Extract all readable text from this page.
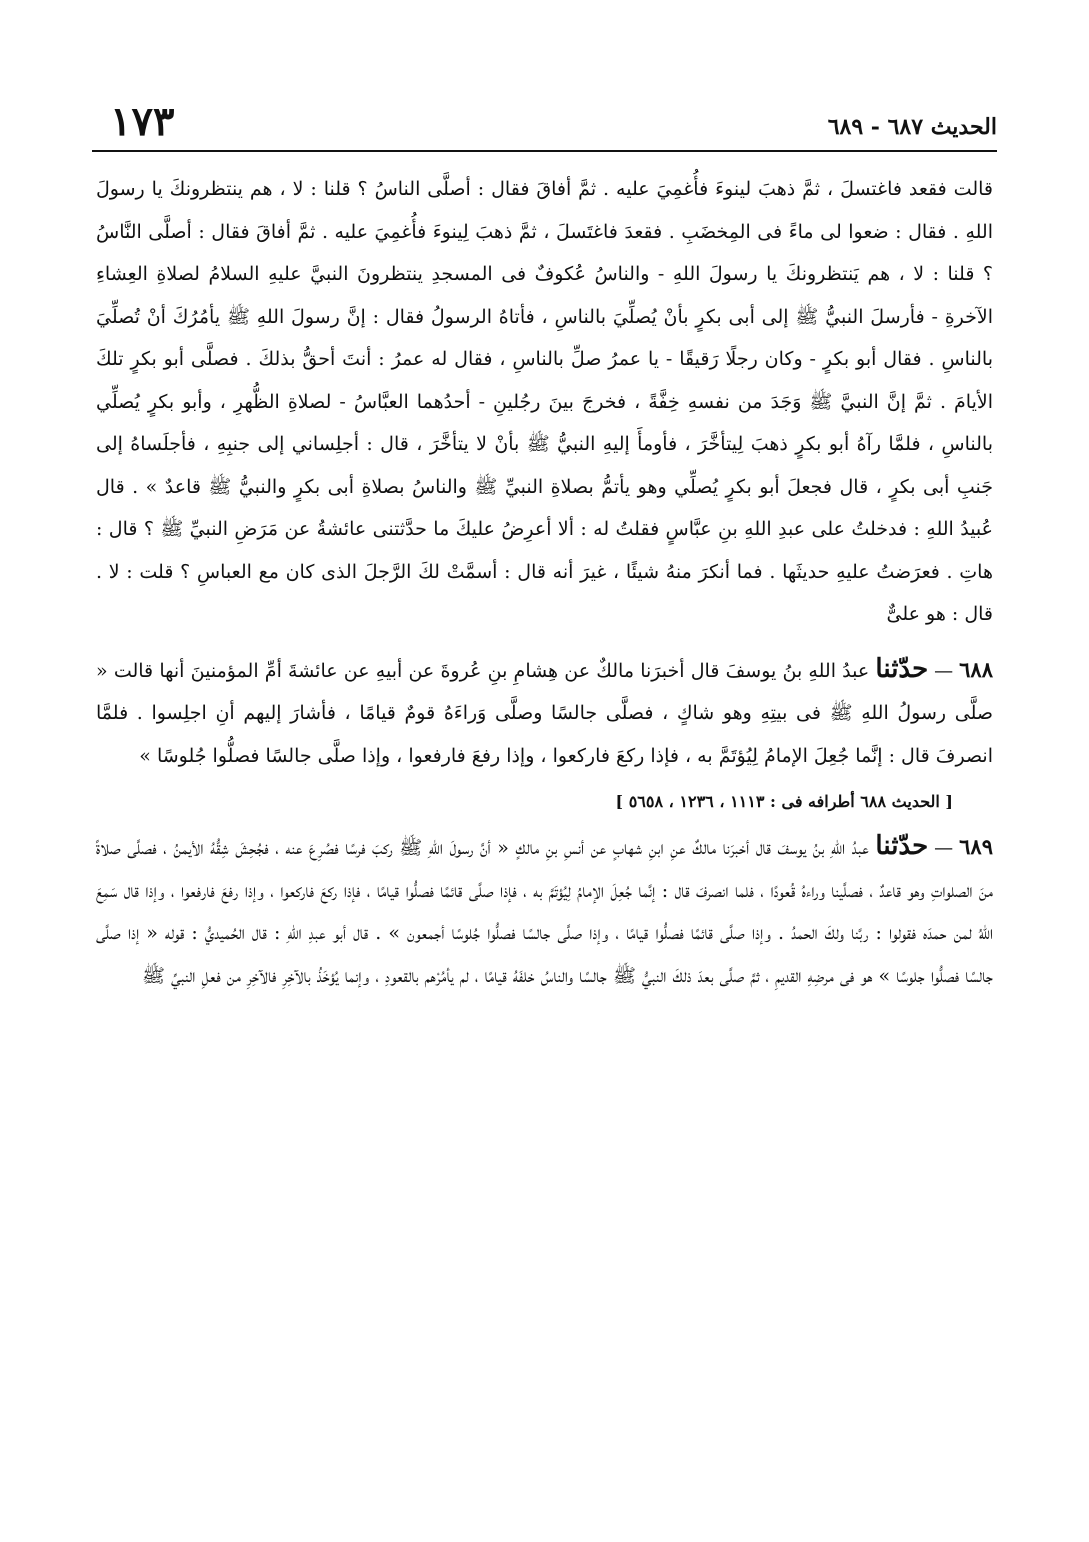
الحديث ٦٨٧ - ٦٨٩
١٧٣

قالت فقعد فاغتسلَ ، ثمَّ ذهبَ لينوءَ فأُغمِيَ عليه . ثمَّ أفاقَ فقال : أصلَّى الناسُ ؟ قلنا : لا ، هم ينتظرونكَ يا رسولَ اللهِ . فقال : ضعوا لى ماءً فى المِخضَبِ . فقعدَ فاغتَسلَ ، ثمَّ ذهبَ لِينوءَ فأُغمِيَ عليه . ثمَّ أفاقَ فقال : أصلَّى النَّاسُ ؟ قلنا : لا ، هم يَنتظرونكَ يا رسولَ اللهِ - والناسُ عُكوفٌ فى المسجدِ ينتظرونَ النبيَّ عليهِ السلامُ لصلاةِ العِشاءِ الآخرةِ - فأرسلَ النبيُّ ﷺ إلى أبى بكرٍ بأنْ يُصلِّيَ بالناسِ ، فأتاهُ الرسولُ فقال : إنَّ رسولَ اللهِ ﷺ يأمُرُكَ أنْ تُصلِّيَ بالناسِ . فقال أبو بكرٍ - وكان رجلًا رَقيقًا - يا عمرُ صلِّ بالناسِ ، فقال له عمرُ : أنتَ أحقُّ بذلكَ . فصلَّى أبو بكرٍ تلكَ الأيامَ . ثمَّ إنَّ النبيَّ ﷺ وَجَدَ من نفسهِ خِفَّةً ، فخرجَ بينَ رجُلينِ - أحدُهما العبَّاسُ - لصلاةِ الظُّهرِ ، وأبو بكرٍ يُصلِّي بالناسِ ، فلمَّا رآهُ أبو بكرٍ ذهبَ لِيتأخَّرَ ، فأومأَ إليهِ النبيُّ ﷺ بأنْ لا يتأخَّرَ ، قال : أجلِساني إلى جنبِهِ ، فأجلَساهُ إلى جَنبِ أبى بكرٍ ، قال فجعلَ أبو بكرٍ يُصلِّي وهو يأتمُّ بصلاةِ النبيِّ ﷺ والناسُ بصلاةِ أبى بكرٍ والنبيُّ ﷺ قاعدٌ » . قال عُبيدُ اللهِ : فدخلتُ على عبدِ اللهِ بنِ عبَّاسٍ فقلتُ له : ألا أعرِضُ عليكَ ما حدَّثتنى عائشةُ عن مَرَضِ النبيِّ ﷺ ؟ قال : هاتِ . فعرَضتُ عليهِ حديثَها . فما أنكرَ منهُ شيئًا ، غيرَ أنه قال : أسمَّتْ لكَ الرَّجلَ الذى كان مع العباسِ ؟ قلت : لا . قال : هو علىٌّ

٦٨٨—حدّثنا عبدُ اللهِ بنُ يوسفَ قال أخبرَنا مالكٌ عن هِشامِ بنِ عُروةَ عن أبيهِ عن عائشةَ أمِّ المؤمنينَ أنها قالت « صلَّى رسولُ اللهِ ﷺ فى بيتِهِ وهو شاكٍ ، فصلَّى جالسًا وصلَّى وَراءَهُ قومٌ قيامًا ، فأشارَ إليهم أنِ اجلِسوا . فلمَّا انصرفَ قال : إنَّما جُعِلَ الإمامُ لِيُؤتَمَّ به ، فإذا ركعَ فاركعوا ، وإذا رفعَ فارفعوا ، وإذا صلَّى جالسًا فصلُّوا جُلوسًا »

[ الحديث ٦٨٨ أطرافه فى : ١١١٣ ، ١٢٣٦ ، ٥٦٥٨ ]

٦٨٩—حدّثنا عبدُ اللهِ بنُ يوسفَ قال أخبرَنا مالكٌ عنِ ابنِ شهابٍ عن أنسِ بنِ مالكٍ « أنَّ رسولَ اللهِ ﷺ ركبَ فرسًا فصُرِعَ عنه ، فجُحِشَ شِقُّهُ الأيمنُ ، فصلَّى صلاةً منَ الصلواتِ وهو قاعدٌ ، فصلَّينا وراءهُ قُعودًا ، فلما انصرفَ قال : إنَّما جُعِلَ الإمامُ لِيُؤتَمَّ به ، فإذا صلَّى قائمًا فصلُّوا قيامًا ، فإذا ركعَ فاركعوا ، وإذا رفعَ فارفعوا ، وإذا قال سَمِعَ اللهُ لمن حمدَه فقولوا : ربَّنا ولكَ الحمدُ . وإذا صلَّى قائمًا فصلُّوا قيامًا ، وإذا صلَّى جالسًا فصلُّوا جُلوسًا أجمعون » . قال أبو عبدِ اللهِ : قال الحُميديُّ : قوله « إذا صلَّى جالسًا فصلُّوا جلوسًا » هو فى مرضِهِ القديمِ ، ثمَّ صلَّى بعدَ ذلكَ النبيُّ ﷺ جالسًا والناسُ خلفَهُ قيامًا ، لم يأمُرْهم بالقعودِ ، وإنما يُؤخَذُ بالآخِرِ فالآخِرِ من فعلِ النبيِّ ﷺ
